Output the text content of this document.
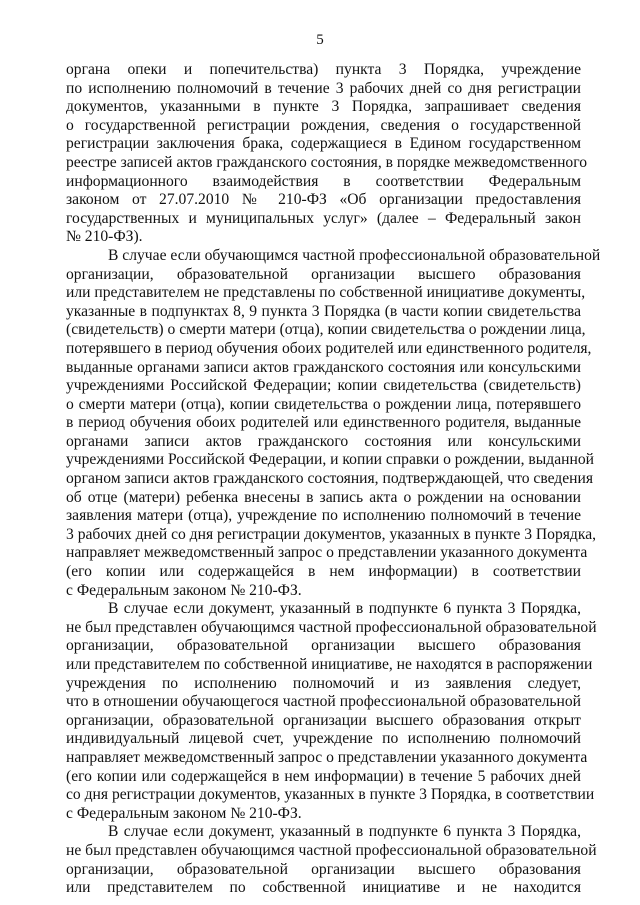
5
органа опеки и попечительства) пункта 3 Порядка, учреждение
по исполнению полномочий в течение 3 рабочих дней со дня регистрации
документов, указанными в пункте 3 Порядка, запрашивает сведения
о государственной регистрации рождения, сведения о государственной
регистрации заключения брака, содержащиеся в Едином государственном
реестре записей актов гражданского состояния, в порядке межведомственного
информационного взаимодействия в соответствии Федеральным
законом от 27.07.2010 № 210-ФЗ «Об организации предоставления
государственных и муниципальных услуг» (далее – Федеральный закон
№ 210-ФЗ).
В случае если обучающимся частной профессиональной образовательной
организации, образовательной организации высшего образования
или представителем не представлены по собственной инициативе документы,
указанные в подпунктах 8, 9 пункта 3 Порядка (в части копии свидетельства
(свидетельств) о смерти матери (отца), копии свидетельства о рождении лица,
потерявшего в период обучения обоих родителей или единственного родителя,
выданные органами записи актов гражданского состояния или консульскими
учреждениями Российской Федерации; копии свидетельства (свидетельств)
о смерти матери (отца), копии свидетельства о рождении лица, потерявшего
в период обучения обоих родителей или единственного родителя, выданные
органами записи актов гражданского состояния или консульскими
учреждениями Российской Федерации, и копии справки о рождении, выданной
органом записи актов гражданского состояния, подтверждающей, что сведения
об отце (матери) ребенка внесены в запись акта о рождении на основании
заявления матери (отца), учреждение по исполнению полномочий в течение
3 рабочих дней со дня регистрации документов, указанных в пункте 3 Порядка,
направляет межведомственный запрос о представлении указанного документа
(его копии или содержащейся в нем информации) в соответствии
с Федеральным законом № 210-ФЗ.
В случае если документ, указанный в подпункте 6 пункта 3 Порядка,
не был представлен обучающимся частной профессиональной образовательной
организации, образовательной организации высшего образования
или представителем по собственной инициативе, не находятся в распоряжении
учреждения по исполнению полномочий и из заявления следует,
что в отношении обучающегося частной профессиональной образовательной
организации, образовательной организации высшего образования открыт
индивидуальный лицевой счет, учреждение по исполнению полномочий
направляет межведомственный запрос о представлении указанного документа
(его копии или содержащейся в нем информации) в течение 5 рабочих дней
со дня регистрации документов, указанных в пункте 3 Порядка, в соответствии
с Федеральным законом № 210-ФЗ.
В случае если документ, указанный в подпункте 6 пункта 3 Порядка,
не был представлен обучающимся частной профессиональной образовательной
организации, образовательной организации высшего образования
или представителем по собственной инициативе и не находится
